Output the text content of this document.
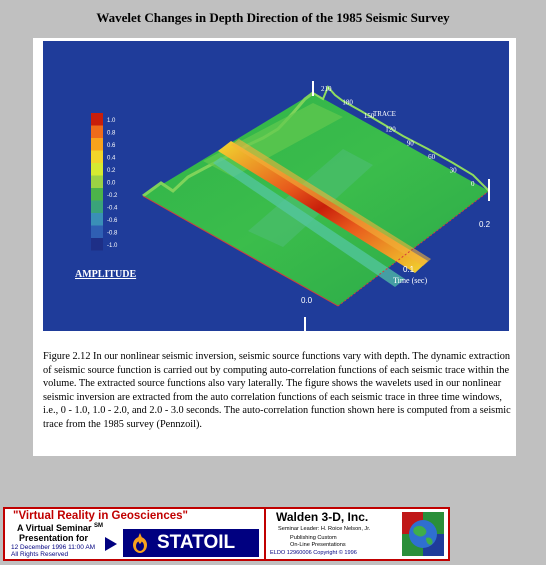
Wavelet Changes in Depth Direction of the 1985 Seismic Survey
1.0
0.8
0.6
0.4
0.2
0.0
-0.2
-0.4
-0.6
-0.8
-1.0
AMPLITUDE
210
180
150
120
90
60
30
0
TRACE
0.2
0.1
0.0
Time (sec)

Figure 2.12 In our nonlinear seismic inversion, seismic source functions vary with depth. The dynamic extraction of seismic source function is carried out by computing auto-correlation functions of each seismic trace within the volume. The extracted source functions also vary laterally. The figure shows the wavelets used in our nonlinear seismic inversion are extracted from the auto correlation functions of each seismic trace in three time windows, i.e., 0 - 1.0, 1.0 - 2.0, and 2.0 - 3.0 seconds. The auto-correlation function shown here is computed from a seismic trace from the 1985 survey (Pennzoil).

"Virtual Reality in Geosciences"
A Virtual Seminar ℠
Presentation for
12 December 1996 11:00 AM
All Rights Reserved
STATOIL
Walden 3-D, Inc.
Seminar Leader: H. Roice Nelson, Jr.
Publishing Custom
On-Line Presentations
ELDO 12960006 Copyright © 1996
